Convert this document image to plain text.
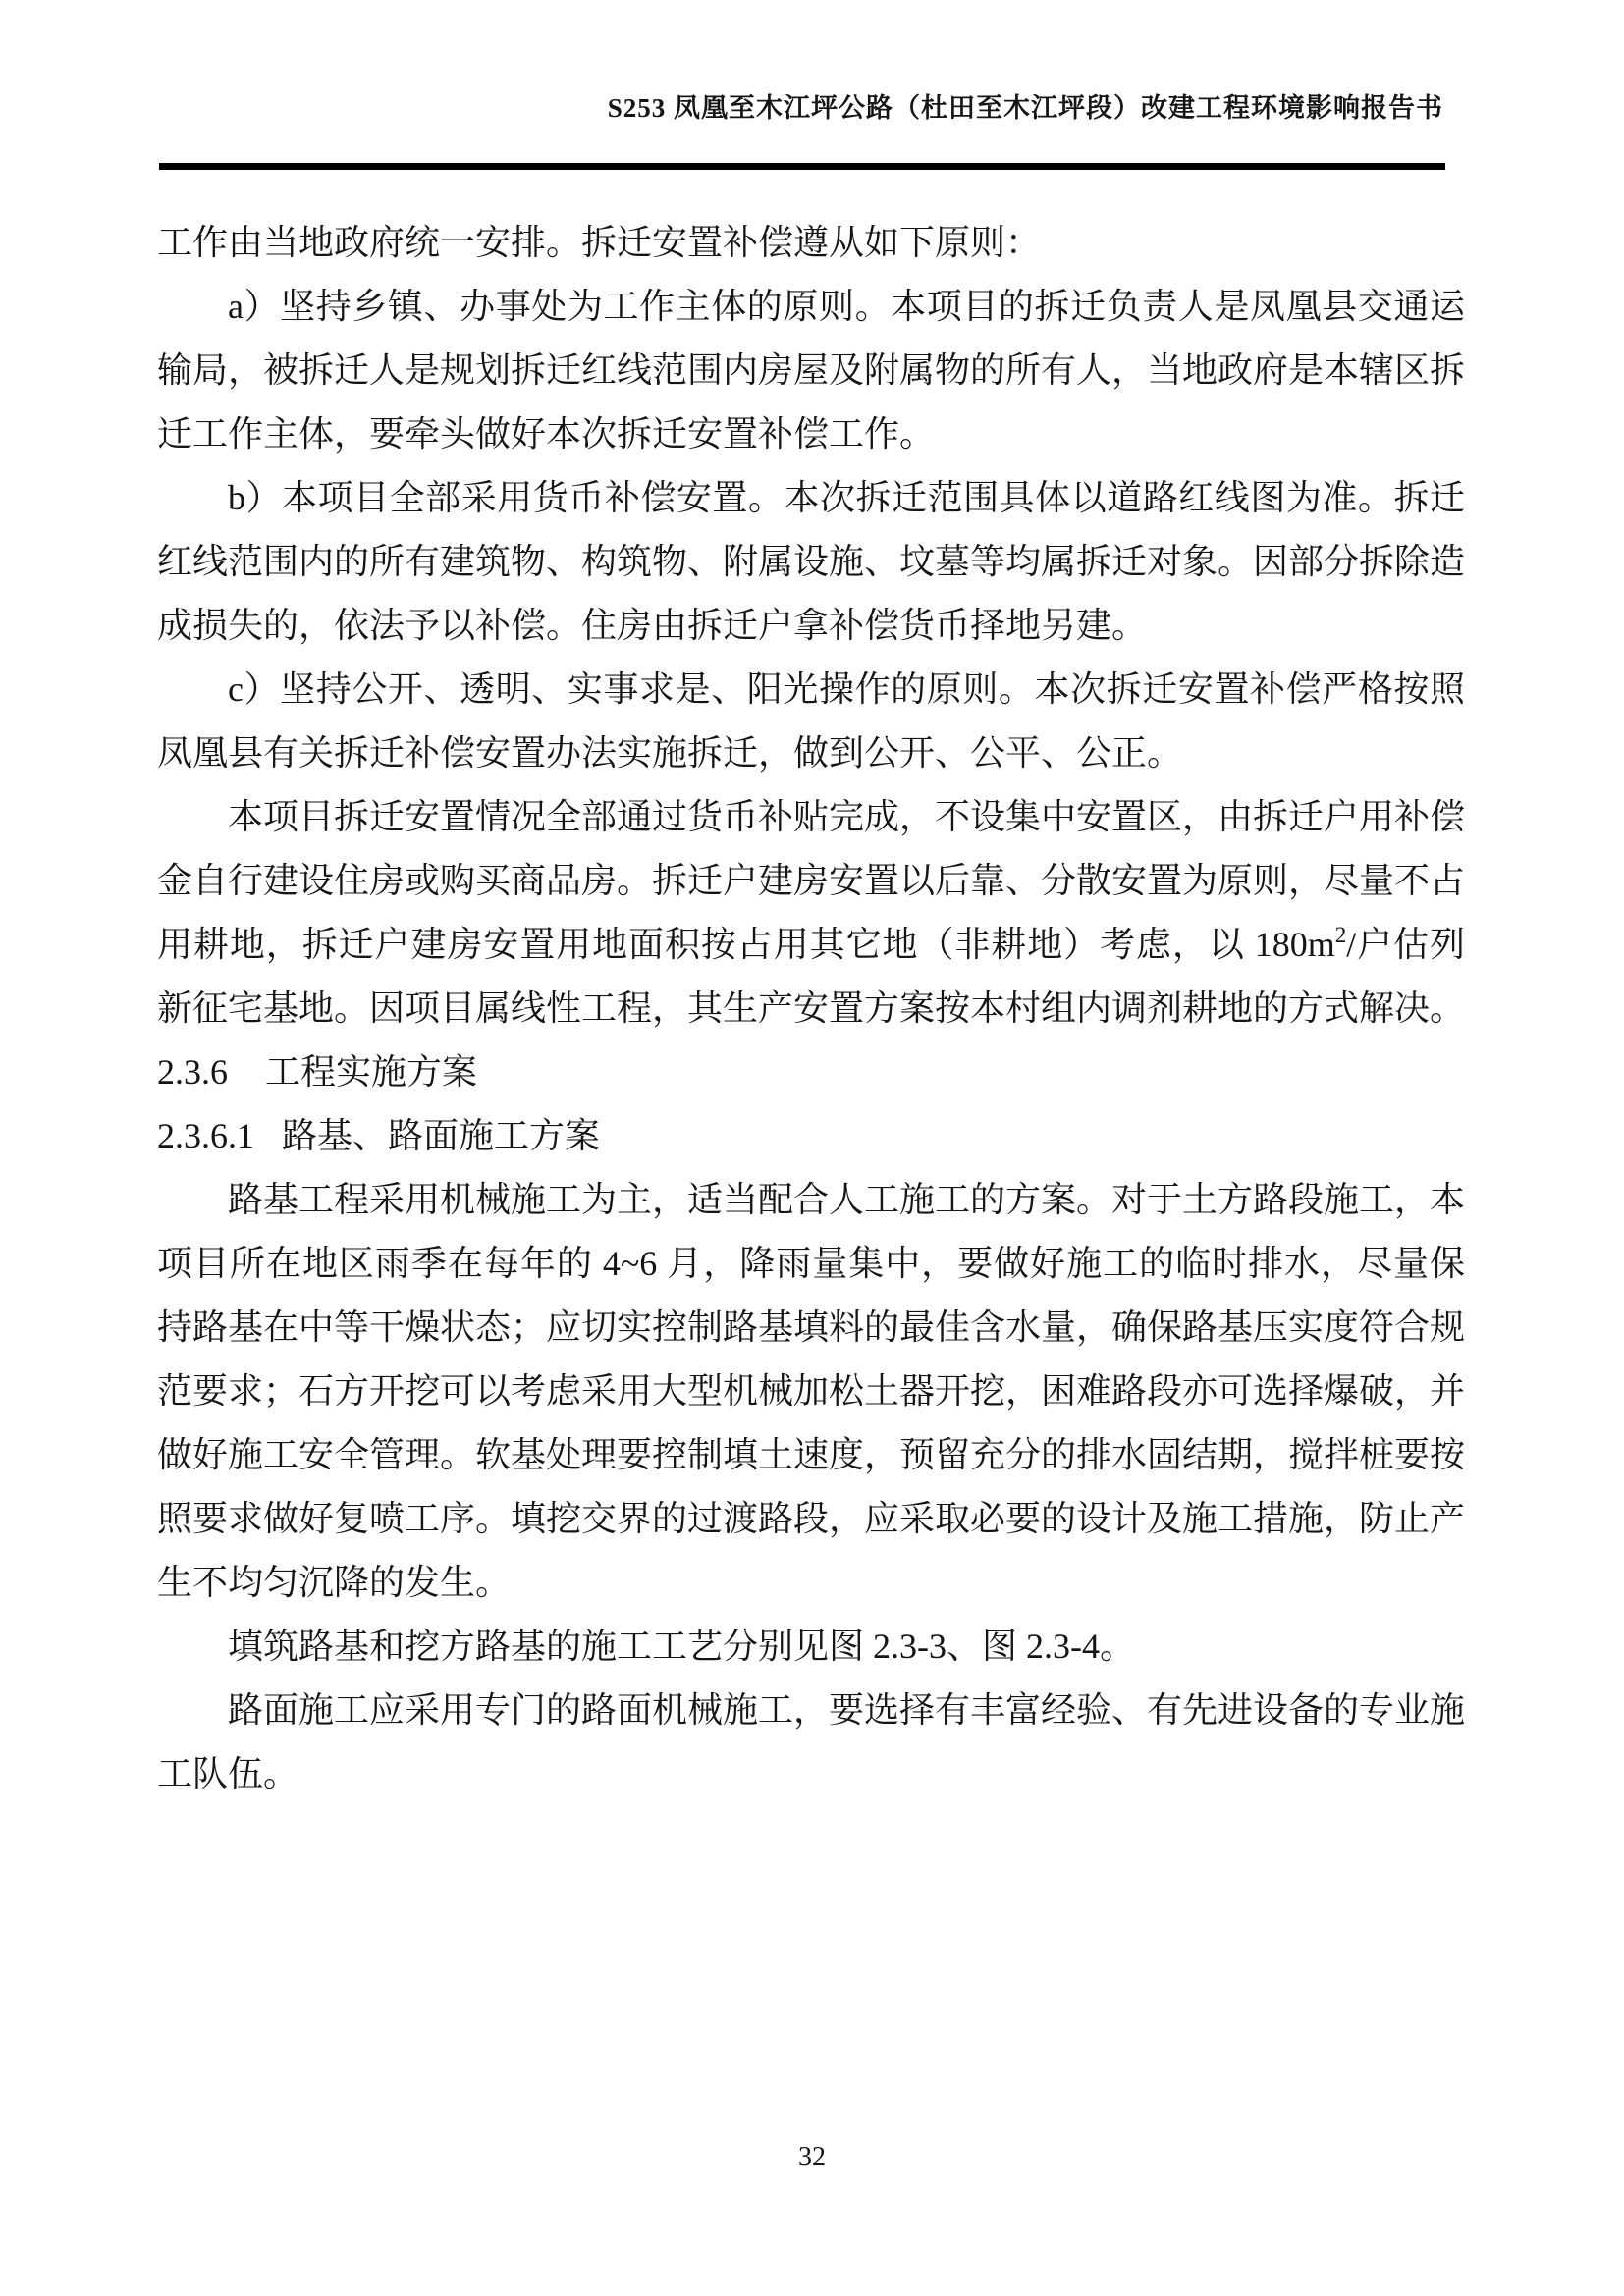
S253 凤凰至木江坪公路（杜田至木江坪段）改建工程环境影响报告书

工作由当地政府统一安排。拆迁安置补偿遵从如下原则：

a）坚持乡镇、办事处为工作主体的原则。本项目的拆迁负责人是凤凰县交通运输局，被拆迁人是规划拆迁红线范围内房屋及附属物的所有人，当地政府是本辖区拆迁工作主体，要牵头做好本次拆迁安置补偿工作。

b）本项目全部采用货币补偿安置。本次拆迁范围具体以道路红线图为准。拆迁红线范围内的所有建筑物、构筑物、附属设施、坟墓等均属拆迁对象。因部分拆除造成损失的，依法予以补偿。住房由拆迁户拿补偿货币择地另建。

c）坚持公开、透明、实事求是、阳光操作的原则。本次拆迁安置补偿严格按照凤凰县有关拆迁补偿安置办法实施拆迁，做到公开、公平、公正。

本项目拆迁安置情况全部通过货币补贴完成，不设集中安置区，由拆迁户用补偿金自行建设住房或购买商品房。拆迁户建房安置以后靠、分散安置为原则，尽量不占用耕地，拆迁户建房安置用地面积按占用其它地（非耕地）考虑，以 $180m^2/$户估列新征宅基地。因项目属线性工程，其生产安置方案按本村组内调剂耕地的方式解决。

2.3.6 工程实施方案
2.3.6.1 路基、路面施工方案

路基工程采用机械施工为主，适当配合人工施工的方案。对于土方路段施工，本项目所在地区雨季在每年的 4~6 月，降雨量集中，要做好施工的临时排水，尽量保持路基在中等干燥状态；应切实控制路基填料的最佳含水量，确保路基压实度符合规范要求；石方开挖可以考虑采用大型机械加松土器开挖，困难路段亦可选择爆破，并做好施工安全管理。软基处理要控制填土速度，预留充分的排水固结期，搅拌桩要按照要求做好复喷工序。填挖交界的过渡路段，应采取必要的设计及施工措施，防止产生不均匀沉降的发生。

填筑路基和挖方路基的施工工艺分别见图 2.3-3、图 2.3-4。

路面施工应采用专门的路面机械施工，要选择有丰富经验、有先进设备的专业施工队伍。

32
